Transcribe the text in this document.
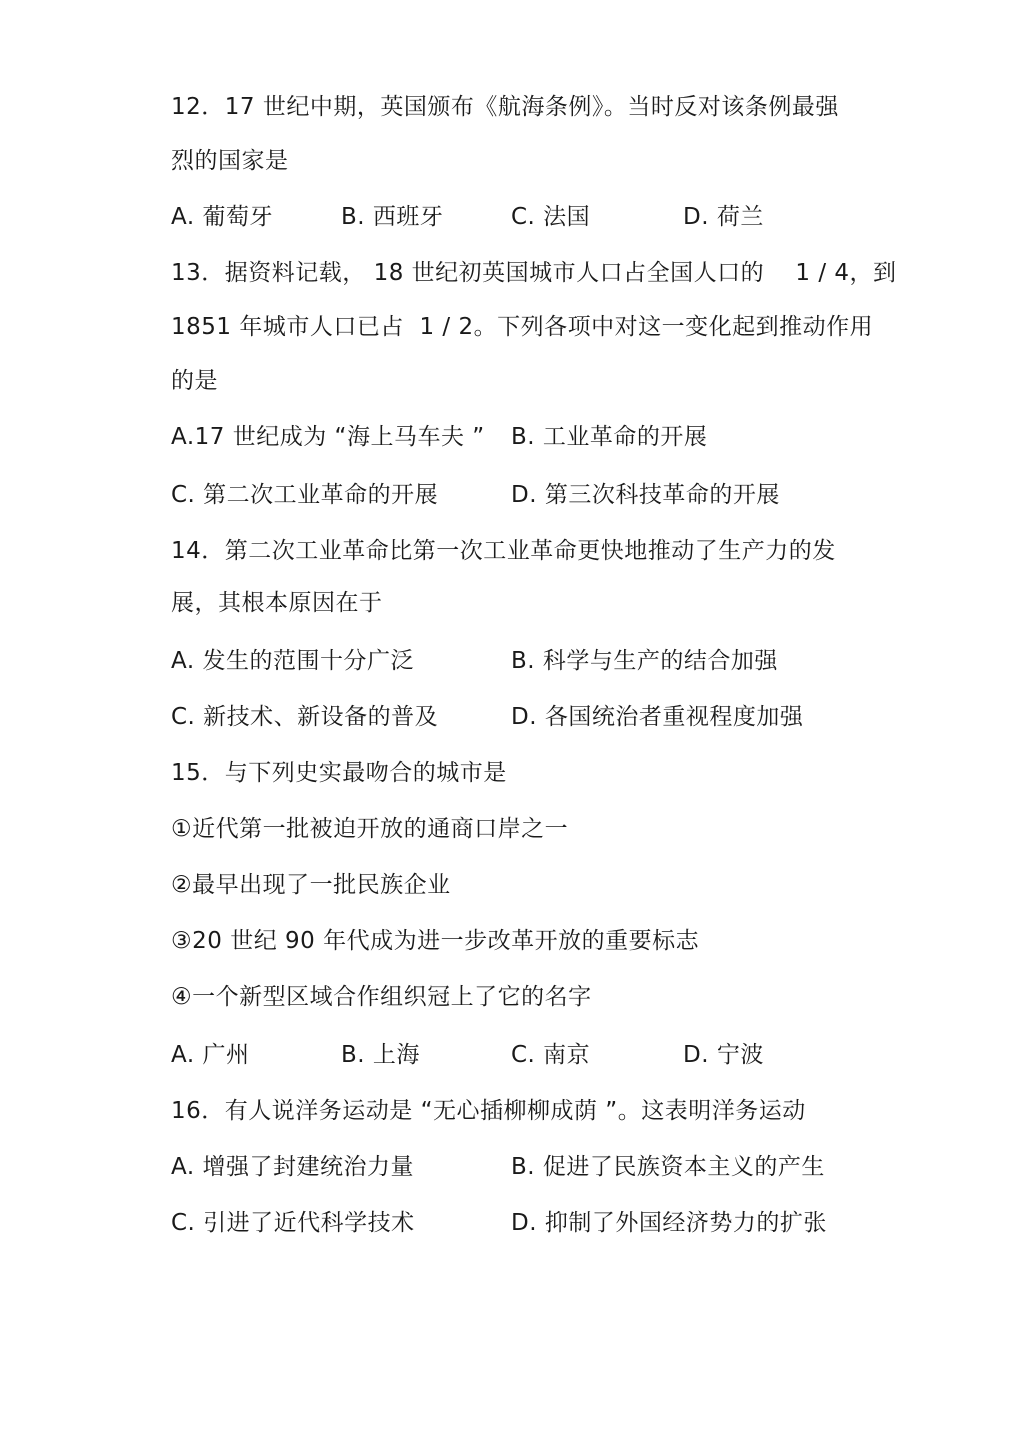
12．17 世纪中期，英国颁布《航海条例》。当时反对该条例最强
烈的国家是
A. 葡萄牙	B. 西班牙	C. 法国	D. 荷兰
13．据资料记载， 18 世纪初英国城市人口占全国人口的    1 / 4，到
1851 年城市人口已占  1 / 2。下列各项中对这一变化起到推动作用
的是
A.17 世纪成为 “海上马车夫 ” B. 工业革命的开展
C. 第二次工业革命的开展	D. 第三次科技革命的开展
14．第二次工业革命比第一次工业革命更快地推动了生产力的发
展，其根本原因在于
A. 发生的范围十分广泛	B. 科学与生产的结合加强
C. 新技术、新设备的普及	D. 各国统治者重视程度加强
15．与下列史实最吻合的城市是
①近代第一批被迫开放的通商口岸之一
②最早出现了一批民族企业
③20 世纪 90 年代成为进一步改革开放的重要标志
④一个新型区域合作组织冠上了它的名字
A. 广州	B. 上海	C. 南京	D. 宁波
16．有人说洋务运动是 “无心插柳柳成荫 ”。这表明洋务运动
A. 增强了封建统治力量	B. 促进了民族资本主义的产生
C. 引进了近代科学技术	D. 抑制了外国经济势力的扩张
